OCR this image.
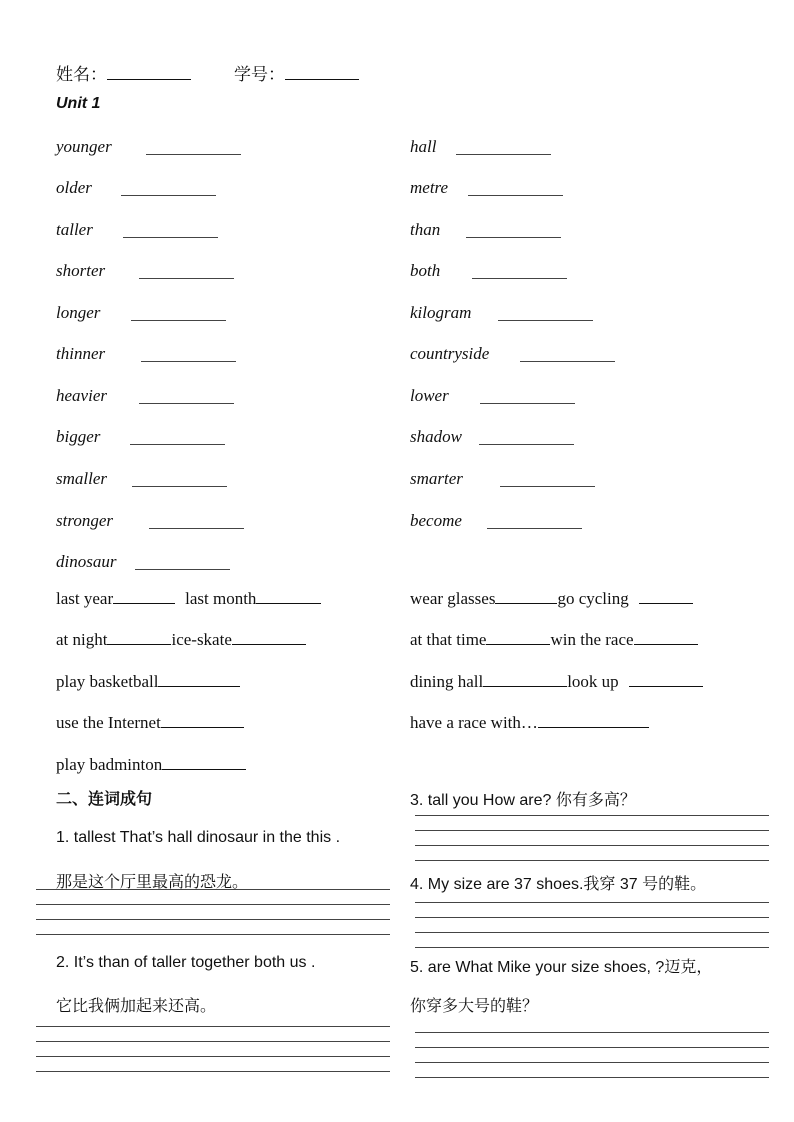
姓名：	学号：
Unit 1
younger
older
taller
shorter
longer
thinner
heavier
bigger
smaller
stronger
dinosaur
hall
metre
than
both
kilogram
countryside
lower
shadow
smarter
become
last year	last month
at night	ice-skate
play basketball
use the Internet
play badminton
wear glasses	go cycling
at that time	win the race
dining hall	look up
have a race with…
二、连词成句
1. tallest That’s hall dinosaur in the this .
那是这个厅里最高的恐龙。
2. It’s than of taller together both us .
它比我俩加起来还高。
3. tall you How are? 你有多高？
4. My size are 37 shoes.我穿 37 号的鞋。
5. are What Mike your size shoes, ?迈克，
你穿多大号的鞋？
